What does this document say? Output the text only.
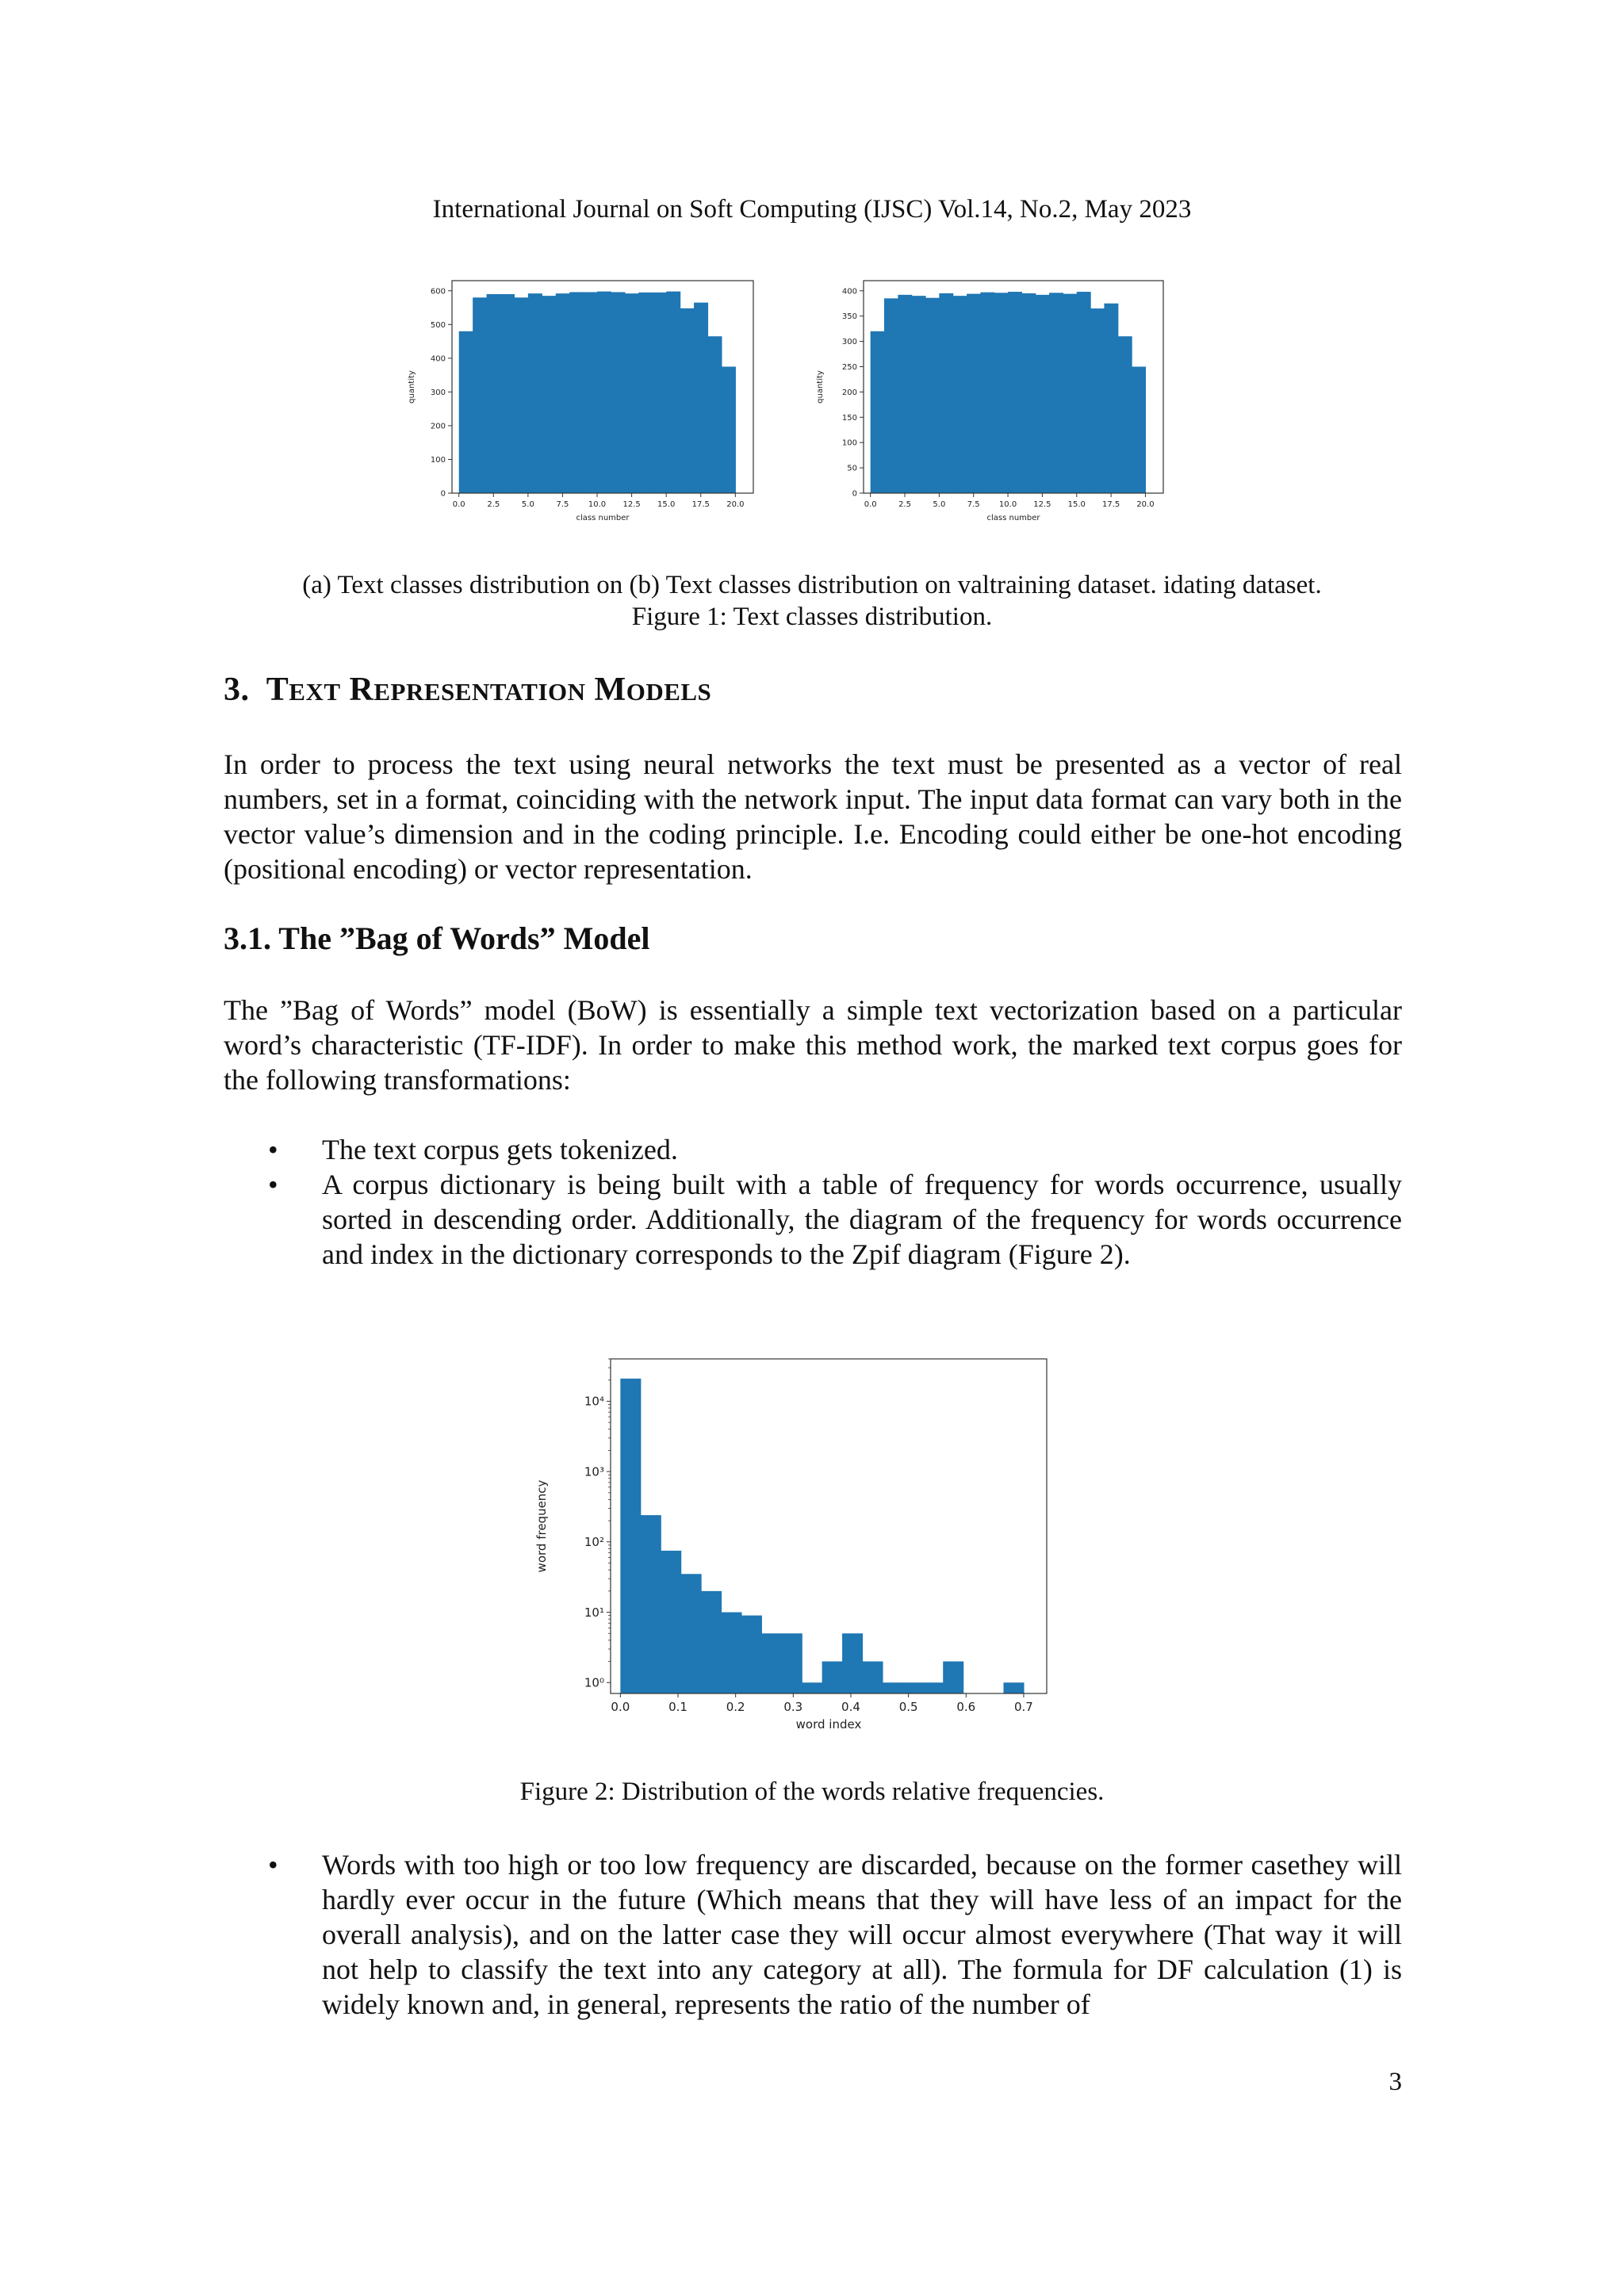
International Journal on Soft Computing (IJSC) Vol.14, No.2, May 2023
0.0	2.5	5.0	7.5 10.0 12.5 15.0 17.5 20.0
0
100
200
300
400
500
600
class number
quantity
0.0	2.5	5.0	7.5 10.0 12.5 15.0 17.5 20.0
0
50
100
150
200
250
300
350
400
class number
quantity
(a) Text classes distribution on (b) Text classes distribution on valtraining dataset. idating dataset.
Figure 1: Text classes distribution.
3. TEXT REPRESENTATION MODELS
In order to process the text using neural networks the text must be presented as a vector of real numbers, set in a format, coinciding with the network input. The input data format can vary both in the vector value’s dimension and in the coding principle. I.e. Encoding could either be one-hot encoding (positional encoding) or vector representation.
3.1. The ”Bag of Words” Model
The ”Bag of Words” model (BoW) is essentially a simple text vectorization based on a particular word’s characteristic (TF-IDF). In order to make this method work, the marked text corpus goes for the following transformations:
• The text corpus gets tokenized.
• A corpus dictionary is being built with a table of frequency for words occurrence, usually sorted in descending order. Additionally, the diagram of the frequency for words occurrence and index in the dictionary corresponds to the Zpif diagram (Figure 2).
0.0	0.1	0.2	0.3	0.4	0.5	0.6	0.7
10⁰
10¹
10²
10³
10⁴
word index
word frequency
Figure 2: Distribution of the words relative frequencies.
• Words with too high or too low frequency are discarded, because on the former casethey will hardly ever occur in the future (Which means that they will have less of an impact for the overall analysis), and on the latter case they will occur almost everywhere (That way it will not help to classify the text into any category at all). The formula for DF calculation (1) is widely known and, in general, represents the ratio of the number of
3
